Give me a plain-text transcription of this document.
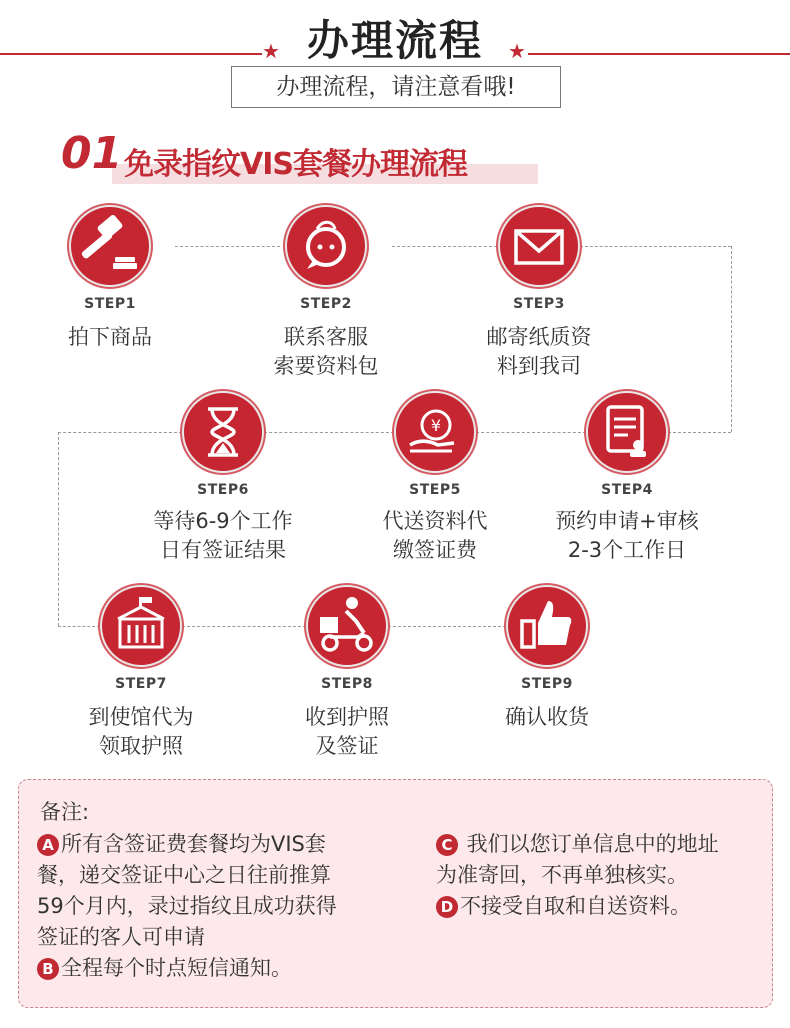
★	★
办理流程
办理流程，请注意看哦!
01 免录指纹VIS套餐办理流程
STEP1
拍下商品
STEP2
联系客服
索要资料包
STEP3
邮寄纸质资
料到我司
STEP6
等待6-9个工作
日有签证结果
¥
STEP5
代送资料代
缴签证费
STEP4
预约申请+审核
2-3个工作日
STEP7
到使馆代为
领取护照
STEP8
收到护照
及签证
STEP9
确认收货
备注:
A 所有含签证费套餐均为VIS套
餐，递交签证中心之日往前推算
59个月内，录过指纹且成功获得
签证的客人可申请
B 全程每个时点短信通知。
C 我们以您订单信息中的地址
为准寄回，不再单独核实。
D 不接受自取和自送资料。
